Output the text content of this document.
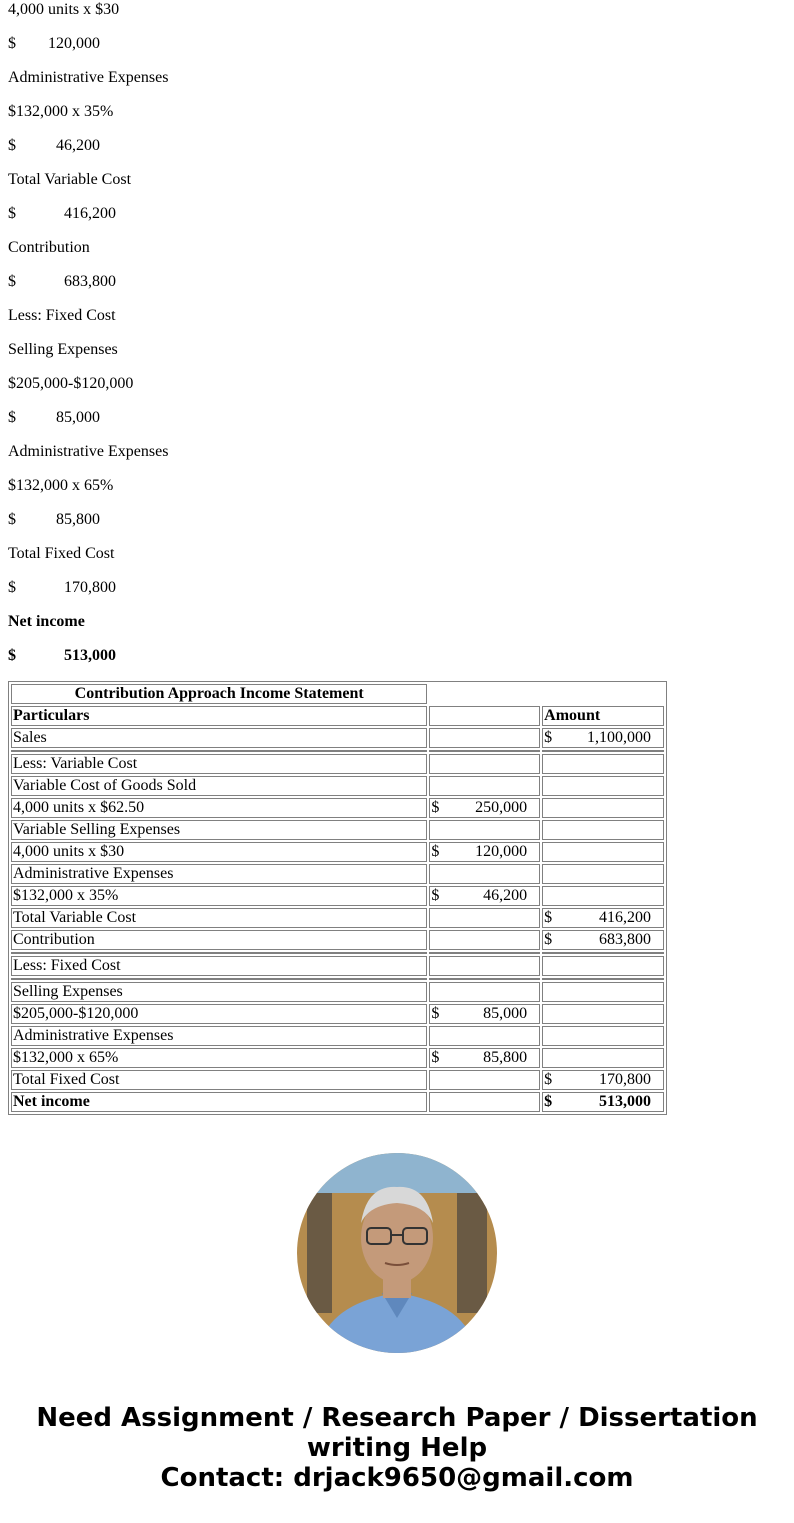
4,000 units x $30
$        120,000
Administrative Expenses
$132,000 x 35%
$          46,200
Total Variable Cost
$            416,200
Contribution
$            683,800
Less: Fixed Cost
Selling Expenses
$205,000-$120,000
$          85,000
Administrative Expenses
$132,000 x 65%
$          85,800
Total Fixed Cost
$            170,800
Net income
$            513,000
Contribution Approach Income Statement		
Particulars		Amount
Sales		$ 1,100,000

Less: Variable Cost		
Variable Cost of Goods Sold		
4,000 units x $62.50	$ 250,000	

Variable Selling Expenses		
4,000 units x $30	$ 120,000	

Administrative Expenses		
$132,000 x 35%	$ 46,200	

Total Variable Cost		$ 416,200

Contribution		$ 683,800

Less: Fixed Cost		

Selling Expenses		
$205,000-$120,000	$ 85,000	

Administrative Expenses		
$132,000 x 65%	$ 85,800	

Total Fixed Cost		$ 170,800

Net income		$ 513,000
Need Assignment / Research Paper / Dissertation writing Help
Contact: drjack9650@gmail.com
